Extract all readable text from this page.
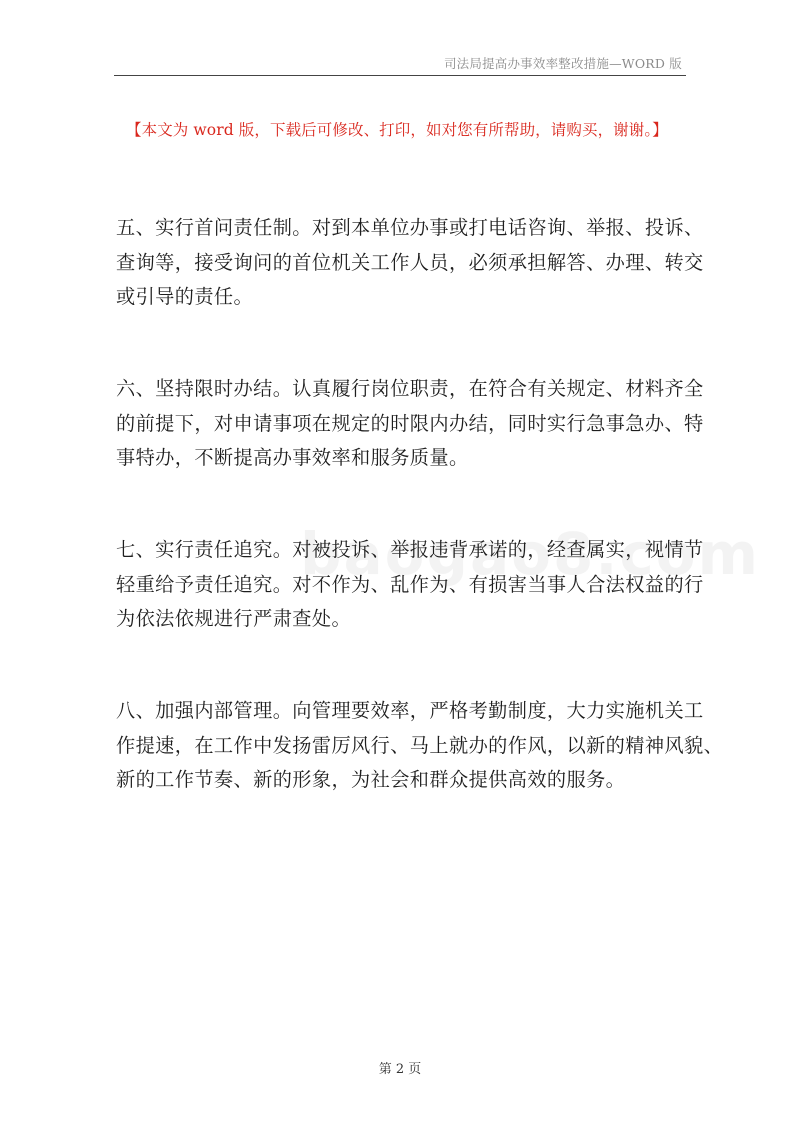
司法局提高办事效率整改措施—WORD 版
【本文为 word 版，下载后可修改、打印，如对您有所帮助，请购买，谢谢。】
五、实行首问责任制。对到本单位办事或打电话咨询、举报、投诉、
查询等，接受询问的首位机关工作人员，必须承担解答、办理、转交
或引导的责任。
六、坚持限时办结。认真履行岗位职责，在符合有关规定、材料齐全
的前提下，对申请事项在规定的时限内办结，同时实行急事急办、特
事特办，不断提高办事效率和服务质量。
七、实行责任追究。对被投诉、举报违背承诺的，经查属实，视情节
轻重给予责任追究。对不作为、乱作为、有损害当事人合法权益的行
为依法依规进行严肃查处。
八、加强内部管理。向管理要效率，严格考勤制度，大力实施机关工
作提速，在工作中发扬雷厉风行、马上就办的作风，以新的精神风貌、
新的工作节奏、新的形象，为社会和群众提供高效的服务。
第 2 页
